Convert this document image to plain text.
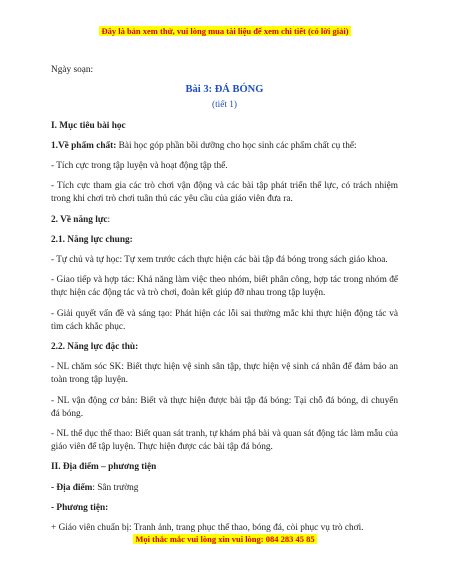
Đây là bản xem thử, vui lòng mua tài liệu để xem chi tiết (có lời giải)

Ngày soạn:

Bài 3: ĐÁ BÓNG

(tiết 1)

I. Mục tiêu bài học

1.Về phẩm chất: Bài học góp phần bồi dưỡng cho học sinh các phẩm chất cụ thể:

- Tích cực trong tập luyện và hoạt động tập thể.

- Tích cực tham gia các trò chơi vận động và các bài tập phát triển thể lực, có trách nhiệm trong khi chơi trò chơi tuân thủ các yêu cầu của giáo viên đưa ra.

2. Về năng lực:

2.1. Năng lực chung:

- Tự chủ và tự học: Tự xem trước cách thực hiện các bài tập đá bóng trong sách giáo khoa.

- Giao tiếp và hợp tác: Khả năng làm việc theo nhóm, biết phân công, hợp tác trong nhóm để thực hiện các động tác và trò chơi, đoàn kết giúp đỡ nhau trong tập luyện.

- Giải quyết vấn đề và sáng tạo: Phát hiện các lỗi sai thường mắc khi thực hiện động tác và tìm cách khắc phục.

2.2. Năng lực đặc thù:

- NL chăm sóc SK: Biết thực hiện vệ sinh sân tập, thực hiện vệ sinh cá nhân để đảm bảo an toàn trong tập luyện.

- NL vận động cơ bản: Biết và thực hiện được bài tập đá bóng: Tại chỗ đá bóng, di chuyển đá bóng.

- NL thể dục thể thao: Biết quan sát tranh, tự khám phá bài và quan sát động tác làm mẫu của giáo viên để tập luyện. Thực hiện được các bài tập đá bóng.

II. Địa điểm – phương tiện

- Địa điểm: Sân trường

- Phương tiện:

+ Giáo viên chuẩn bị: Tranh ảnh, trang phục thể thao, bóng đá, còi phục vụ trò chơi.

Mọi thắc mắc vui lòng xin vui lòng: 084 283 45 85
